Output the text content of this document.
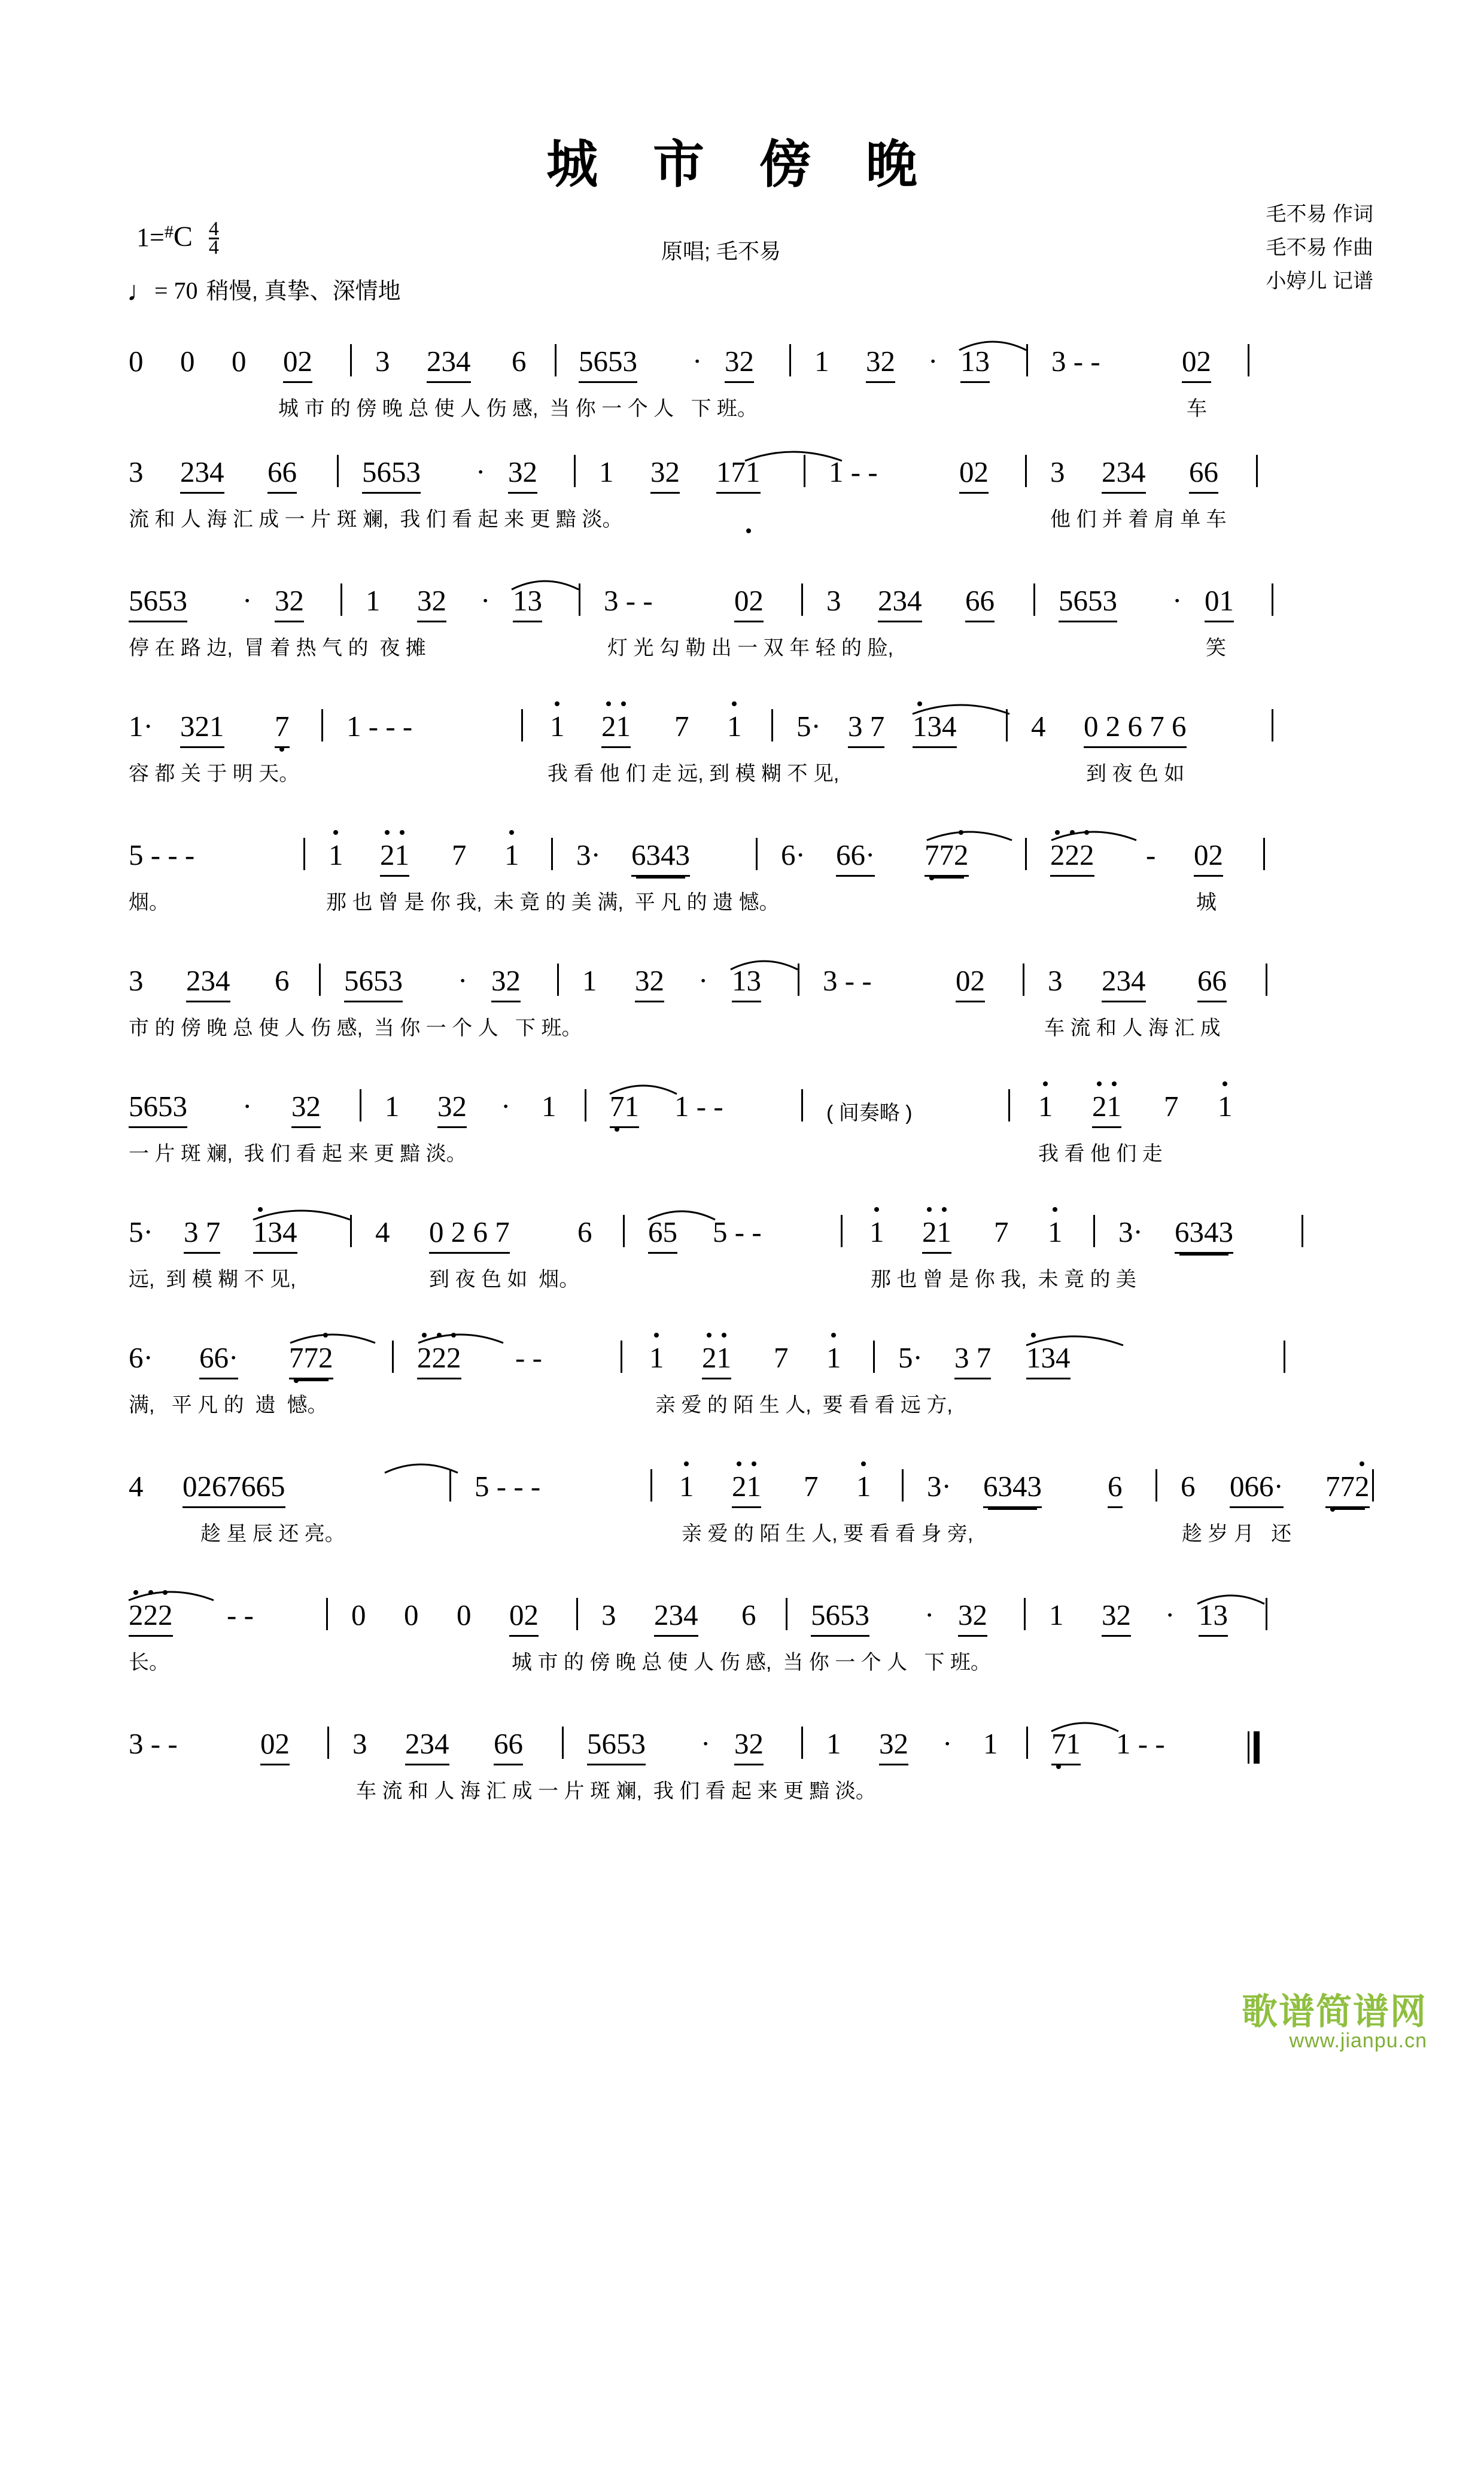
城 市 傍 晚
$1=^{\#}C \frac{4}{4}$
♩= 70 稍慢, 真挚、深情地
原唱; 毛不易
毛不易 作词
毛不易 作曲
小婷儿 记谱

0

0

0

02

3

234

6

5653

·

32

1

32

·

13

3 - -

	02

城 市 的 傍 晚 总 使 人 伤 感,  当 你 一 个 人   下 班。

	车

3

234

66

5653

·

32

1

32

171

1 - -

	02

3

234

66

流 和 人 海 汇 成 一 片 斑 斓,  我 们 看 起 来 更 黯 淡。

	他 们 并 着 肩 单 车

5653

·

32

1

32

·

13

3 - -

	02

3

234

66

5653

·

01

停 在 路 边,  冒 着 热 气 的  夜 摊

	灯 光 勾 勒 出 一 双 年 轻 的 脸,

	笑

1·

321

7

1 - - -

	1

21

7

1

5·

3 7

134

	4

0 2 6 7 6

容 都 关 于 明 天。

	我 看 他 们 走 远, 到 模 糊 不 见,

	到 夜 色 如

5 - - -

	1

21

7

1

3·

6343

	6·

66·

772

	222

-

02

烟。

	那 也 曾 是 你 我,  未 竟 的 美 满,  平 凡 的 遗 憾。

	城

3

234

6

5653

·

32

1

32

·

13

3 - -

	02

3

234

66

市 的 傍 晚 总 使 人 伤 感,  当 你 一 个 人   下 班。

	车 流 和 人 海 汇 成

5653

·

32

1

32

·

1

71

1 - -

	( 间奏略 )

	1

21

7

1

一 片 斑 斓,  我 们 看 起 来 更 黯 淡。

	我 看 他 们 走

5·

3 7

134

	4

0 2 6 7

6

65

5 - -

	1

21

7

1

3·

6343

远,  到 模 糊 不 见,

	到 夜 色 如  烟。

	那 也 曾 是 你 我,  未 竟 的 美

6·

66·

772

	222

- -

	1

21

7

1

5·

3 7

134

满,   平 凡 的  遗  憾。

	亲 爱 的 陌 生 人,  要 看 看 远 方,

4

0267665

	5 - - -

	1

21

7

1

3·

6343

6

6

066·

772

趁 星 辰 还 亮。

	亲 爱 的 陌 生 人, 要 看 看 身 旁,

	趁 岁 月   还

222

- -

	0

0

0

02

3

234

6

5653

·

32

1

32

·

13

长。

	城 市 的 傍 晚 总 使 人 伤 感,  当 你 一 个 人   下 班。

3 - -

	02

3

234

66

5653

·

32

1

32

·

1

71

1 - -

车 流 和 人 海 汇 成 一 片 斑 斓,  我 们 看 起 来 更 黯 淡。

歌谱简谱网
www.jianpu.cn
